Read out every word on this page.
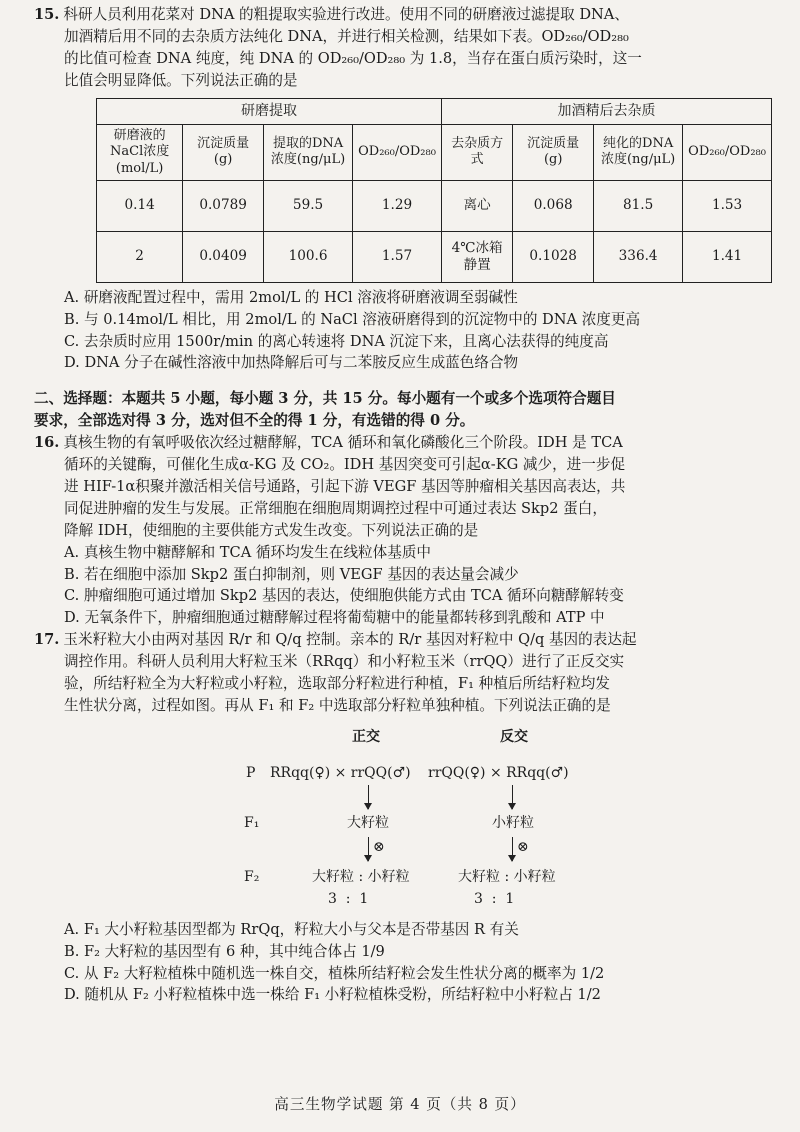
15. 科研人员利用花菜对 DNA 的粗提取实验进行改进。使用不同的研磨液过滤提取 DNA、

加酒精后用不同的去杂质方法纯化 DNA，并进行相关检测，结果如下表。OD₂₆₀/OD₂₈₀

的比值可检查 DNA 纯度，纯 DNA 的 OD₂₆₀/OD₂₈₀ 为 1.8，当存在蛋白质污染时，这一

比值会明显降低。下列说法正确的是

研磨提取				加酒精后去杂质			
研磨液的NaCl浓度(mol/L)	沉淀质量(g)	提取的DNA浓度(ng/μL)	OD₂₆₀/OD₂₈₀	去杂质方式	沉淀质量(g)	纯化的DNA浓度(ng/μL)	OD₂₆₀/OD₂₈₀
0.14	0.0789	59.5	1.29	离心	0.068	81.5	1.53
2	0.0409	100.6	1.57	4℃冰箱静置	0.1028	336.4	1.41

A. 研磨液配置过程中，需用 2mol/L 的 HCl 溶液将研磨液调至弱碱性

B. 与 0.14mol/L 相比，用 2mol/L 的 NaCl 溶液研磨得到的沉淀物中的 DNA 浓度更高

C. 去杂质时应用 1500r/min 的离心转速将 DNA 沉淀下来，且离心法获得的纯度高

D. DNA 分子在碱性溶液中加热降解后可与二苯胺反应生成蓝色络合物

二、选择题：本题共 5 小题，每小题 3 分，共 15 分。每小题有一个或多个选项符合题目

要求，全部选对得 3 分，选对但不全的得 1 分，有选错的得 0 分。

16. 真核生物的有氧呼吸依次经过糖酵解，TCA 循环和氧化磷酸化三个阶段。IDH 是 TCA

循环的关键酶，可催化生成α-KG 及 CO₂。IDH 基因突变可引起α-KG 减少，进一步促

进 HIF-1α积聚并激活相关信号通路，引起下游 VEGF 基因等肿瘤相关基因高表达，共

同促进肿瘤的发生与发展。正常细胞在细胞周期调控过程中可通过表达 Skp2 蛋白，

降解 IDH，使细胞的主要供能方式发生改变。下列说法正确的是

A. 真核生物中糖酵解和 TCA 循环均发生在线粒体基质中

B. 若在细胞中添加 Skp2 蛋白抑制剂，则 VEGF 基因的表达量会减少

C. 肿瘤细胞可通过增加 Skp2 基因的表达，使细胞供能方式由 TCA 循环向糖酵解转变

D. 无氧条件下，肿瘤细胞通过糖酵解过程将葡萄糖中的能量都转移到乳酸和 ATP 中

17. 玉米籽粒大小由两对基因 R/r 和 Q/q 控制。亲本的 R/r 基因对籽粒中 Q/q 基因的表达起

调控作用。科研人员利用大籽粒玉米（RRqq）和小籽粒玉米（rrQQ）进行了正反交实

验，所结籽粒全为大籽粒或小籽粒，选取部分籽粒进行种植，F₁ 种植后所结籽粒均发

生性状分离，过程如图。再从 F₁ 和 F₂ 中选取部分籽粒单独种植。下列说法正确的是

正交	反交
P RRqq(♀) × rrQQ(♂) rrQQ(♀) × RRqq(♂)
F₁	大籽粒	小籽粒
⊗	⊗
F₂	大籽粒 : 小籽粒	大籽粒 : 小籽粒
3  :  1	3  :  1

A. F₁ 大小籽粒基因型都为 RrQq，籽粒大小与父本是否带基因 R 有关

B. F₂ 大籽粒的基因型有 6 种，其中纯合体占 1/9

C. 从 F₂ 大籽粒植株中随机选一株自交，植株所结籽粒会发生性状分离的概率为 1/2

D. 随机从 F₂ 小籽粒植株中选一株给 F₁ 小籽粒植株受粉，所结籽粒中小籽粒占 1/2

高三生物学试题 第 4 页（共 8 页）
